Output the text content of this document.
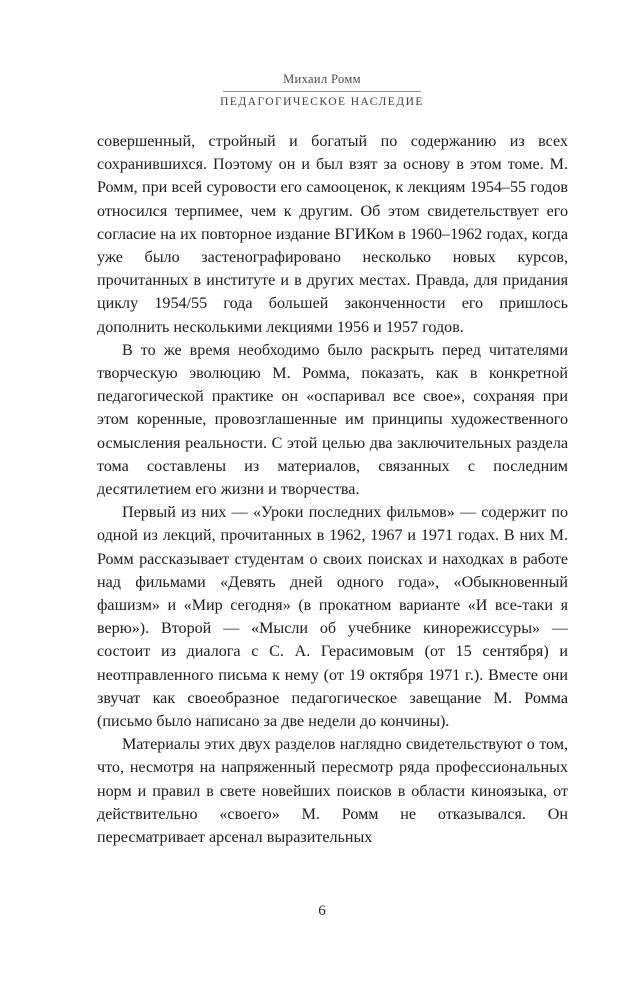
Михаил Ромм
ПЕДАГОГИЧЕСКОЕ НАСЛЕДИЕ

совершенный, стройный и богатый по содержанию из всех сохранившихся. Поэтому он и был взят за основу в этом томе. М. Ромм, при всей суровости его самооценок, к лекциям 1954–55 годов относился терпимее, чем к другим. Об этом свидетельствует его согласие на их повторное издание ВГИКом в 1960–1962 годах, когда уже было застенографировано несколько новых курсов, прочитанных в институте и в других местах. Правда, для придания циклу 1954/55 года большей законченности его пришлось дополнить несколькими лекциями 1956 и 1957 годов.

В то же время необходимо было раскрыть перед читателями творческую эволюцию М. Ромма, показать, как в конкретной педагогической практике он «оспаривал все свое», сохраняя при этом коренные, провозглашенные им принципы художественного осмысления реальности. С этой целью два заключительных раздела тома составлены из материалов, связанных с последним десятилетием его жизни и творчества.

Первый из них — «Уроки последних фильмов» — содержит по одной из лекций, прочитанных в 1962, 1967 и 1971 годах. В них М. Ромм рассказывает студентам о своих поисках и находках в работе над фильмами «Девять дней одного года», «Обыкновенный фашизм» и «Мир сегодня» (в прокатном варианте «И все-таки я верю»). Второй — «Мысли об учебнике кинорежиссуры» — состоит из диалога с С. А. Герасимовым (от 15 сентября) и неотправленного письма к нему (от 19 октября 1971 г.). Вместе они звучат как своеобразное педагогическое завещание М. Ромма (письмо было написано за две недели до кончины).

Материалы этих двух разделов наглядно свидетельствуют о том, что, несмотря на напряженный пересмотр ряда профессиональных норм и правил в свете новейших поисков в области киноязыка, от действительно «своего» М. Ромм не отказывался. Он пересматривает арсенал выразительных

6
